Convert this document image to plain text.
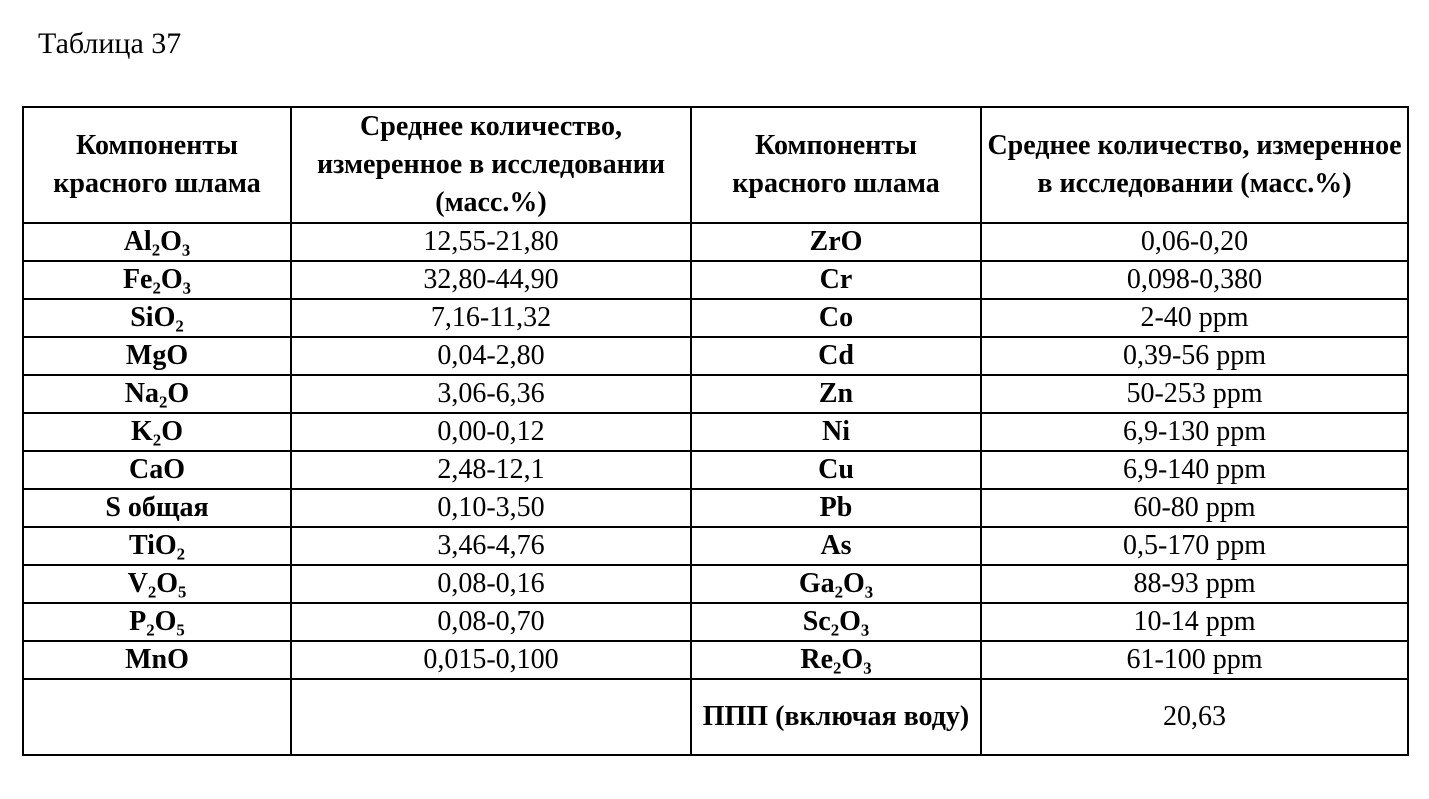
Таблица 37
Компоненты красного шлама	Среднее количество, измеренное в исследовании (масс.%)	Компоненты красного шлама	Среднее количество, измеренное в исследовании (масс.%)
Al₂O₃	12,55-21,80	ZrO	0,06-0,20
Fe₂O₃	32,80-44,90	Cr	0,098-0,380
SiO₂	7,16-11,32	Co	2-40 ppm
MgO	0,04-2,80	Cd	0,39-56 ppm
Na₂O	3,06-6,36	Zn	50-253 ppm
K₂O	0,00-0,12	Ni	6,9-130 ppm
CaO	2,48-12,1	Cu	6,9-140 ppm
S общая	0,10-3,50	Pb	60-80 ppm
TiO₂	3,46-4,76	As	0,5-170 ppm
V₂O₅	0,08-0,16	Ga₂O₃	88-93 ppm
P₂O₅	0,08-0,70	Sc₂O₃	10-14 ppm
MnO	0,015-0,100	Re₂O₃	61-100 ppm
		ППП (включая воду)	20,63
